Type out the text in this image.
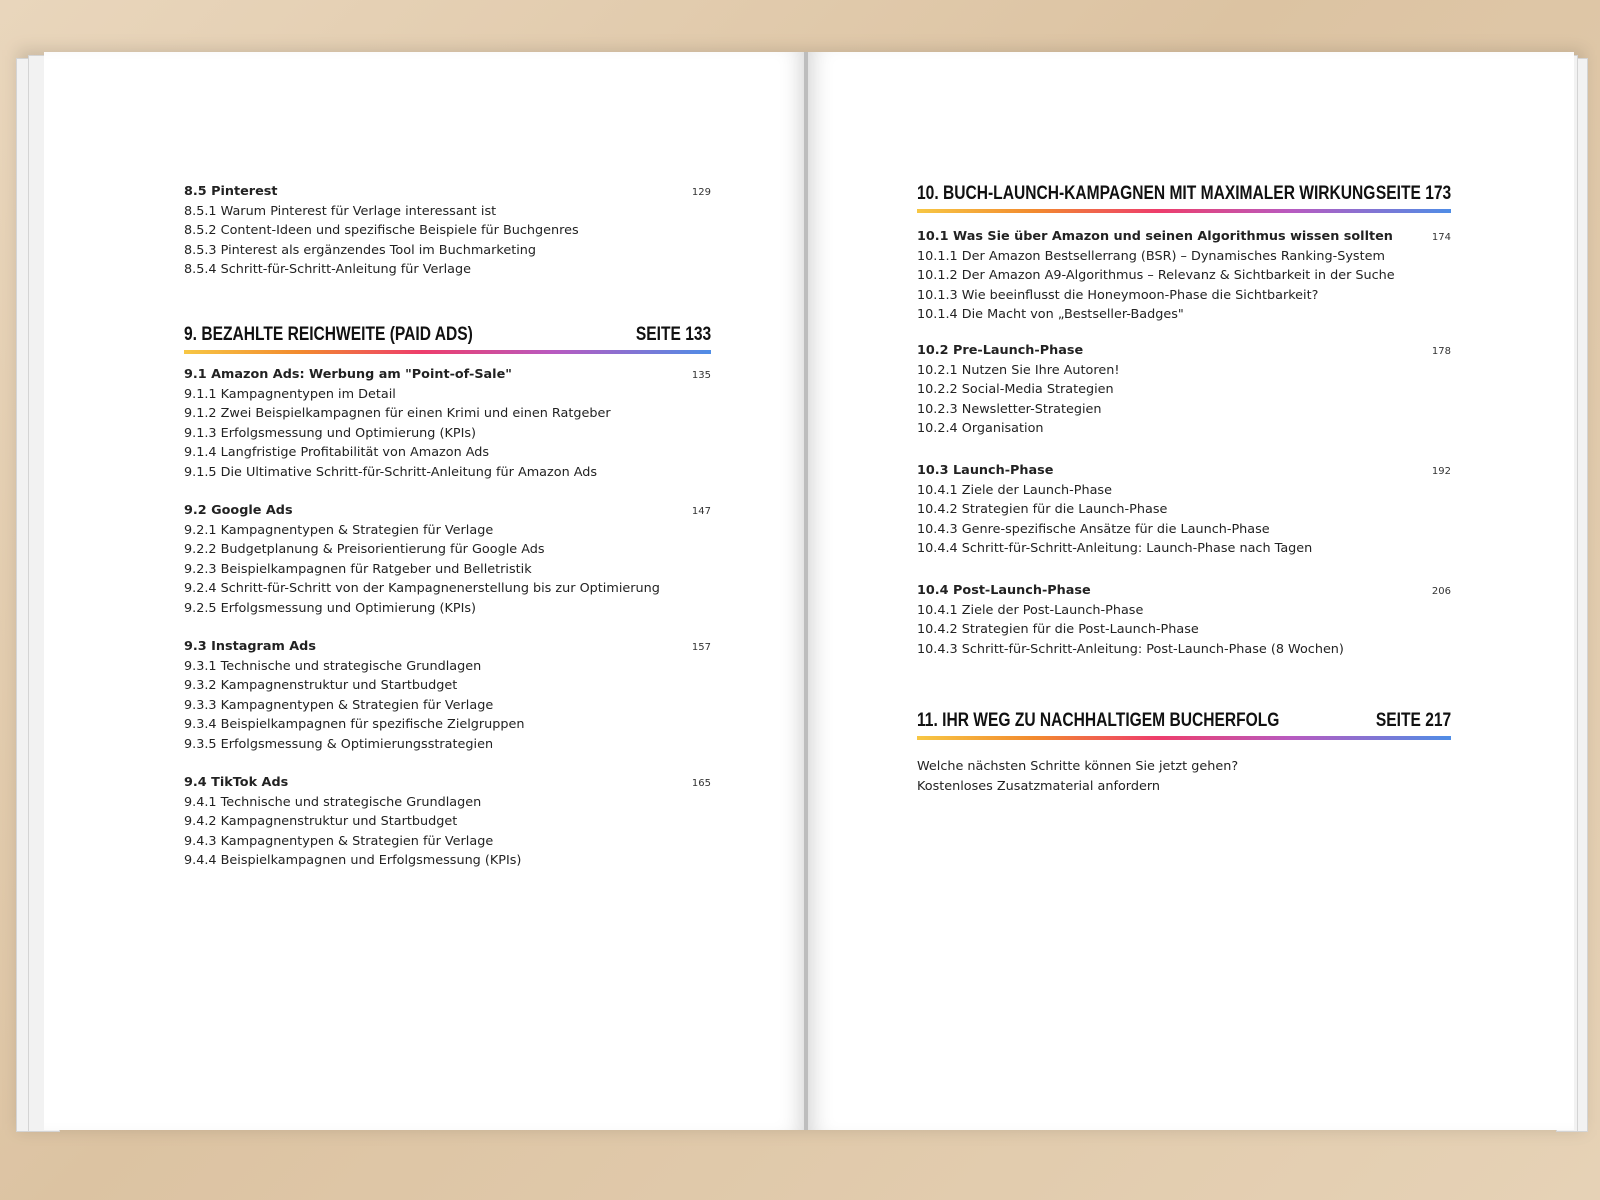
8.5 Pinterest	129
8.5.1 Warum Pinterest für Verlage interessant ist
8.5.2 Content-Ideen und spezifische Beispiele für Buchgenres
8.5.3 Pinterest als ergänzendes Tool im Buchmarketing
8.5.4 Schritt-für-Schritt-Anleitung für Verlage
9. BEZAHLTE REICHWEITE (PAID ADS)	SEITE 133
9.1 Amazon Ads: Werbung am "Point-of-Sale"	135
9.1.1 Kampagnentypen im Detail
9.1.2 Zwei Beispielkampagnen für einen Krimi und einen Ratgeber
9.1.3 Erfolgsmessung und Optimierung (KPIs)
9.1.4 Langfristige Profitabilität von Amazon Ads
9.1.5 Die Ultimative Schritt-für-Schritt-Anleitung für Amazon Ads
9.2 Google Ads	147
9.2.1 Kampagnentypen & Strategien für Verlage
9.2.2 Budgetplanung & Preisorientierung für Google Ads
9.2.3 Beispielkampagnen für Ratgeber und Belletristik
9.2.4 Schritt-für-Schritt von der Kampagnenerstellung bis zur Optimierung
9.2.5 Erfolgsmessung und Optimierung (KPIs)
9.3 Instagram Ads	157
9.3.1 Technische und strategische Grundlagen
9.3.2 Kampagnenstruktur und Startbudget
9.3.3 Kampagnentypen & Strategien für Verlage
9.3.4 Beispielkampagnen für spezifische Zielgruppen
9.3.5 Erfolgsmessung & Optimierungsstrategien
9.4 TikTok Ads	165
9.4.1 Technische und strategische Grundlagen
9.4.2 Kampagnenstruktur und Startbudget
9.4.3 Kampagnentypen & Strategien für Verlage
9.4.4 Beispielkampagnen und Erfolgsmessung (KPIs)
10. BUCH-LAUNCH-KAMPAGNEN MIT MAXIMALER WIRKUNG SEITE 173
10.1 Was Sie über Amazon und seinen Algorithmus wissen sollten	174
10.1.1 Der Amazon Bestsellerrang (BSR) – Dynamisches Ranking-System
10.1.2 Der Amazon A9-Algorithmus – Relevanz & Sichtbarkeit in der Suche
10.1.3 Wie beeinflusst die Honeymoon-Phase die Sichtbarkeit?
10.1.4 Die Macht von „Bestseller-Badges"
10.2 Pre-Launch-Phase	178
10.2.1 Nutzen Sie Ihre Autoren!
10.2.2 Social-Media Strategien
10.2.3 Newsletter-Strategien
10.2.4 Organisation
10.3 Launch-Phase	192
10.4.1 Ziele der Launch-Phase
10.4.2 Strategien für die Launch-Phase
10.4.3 Genre-spezifische Ansätze für die Launch-Phase
10.4.4 Schritt-für-Schritt-Anleitung: Launch-Phase nach Tagen
10.4 Post-Launch-Phase	206
10.4.1 Ziele der Post-Launch-Phase
10.4.2 Strategien für die Post-Launch-Phase
10.4.3 Schritt-für-Schritt-Anleitung: Post-Launch-Phase (8 Wochen)
11. IHR WEG ZU NACHHALTIGEM BUCHERFOLG	SEITE 217
Welche nächsten Schritte können Sie jetzt gehen?
Kostenloses Zusatzmaterial anfordern
